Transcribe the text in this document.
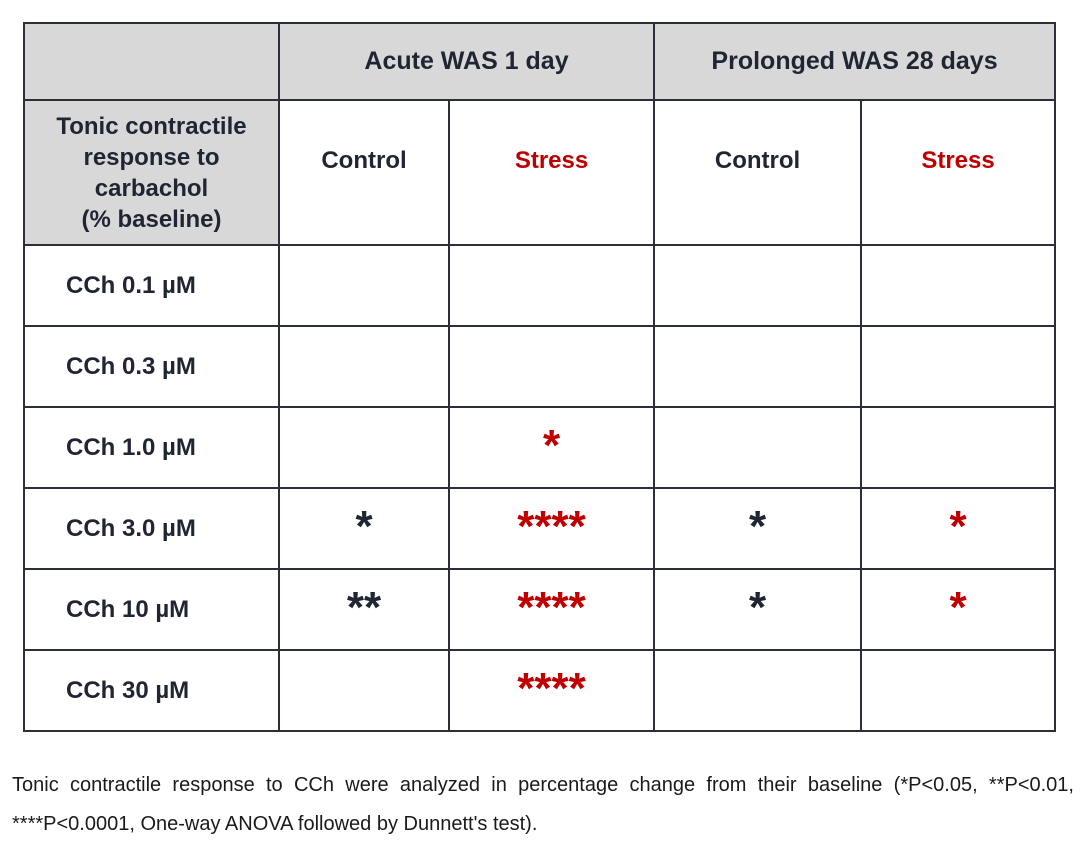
	Acute WAS 1 day		Prolonged WAS 28 days	

Tonic contractile
response to
carbachol
(% baseline)	Control	Stress	Control	Stress

CCh 0.1 µM	

CCh 0.3 µM	

CCh 1.0 µM		*		

CCh 3.0 µM	*	****	*	*

CCh 10 µM	**	****	*	*

CCh 30 µM		****		

Tonic contractile response to CCh were analyzed in percentage change from their baseline (*P<0.05, **P<0.01, ****P<0.0001, One-way ANOVA followed by Dunnett's test).
